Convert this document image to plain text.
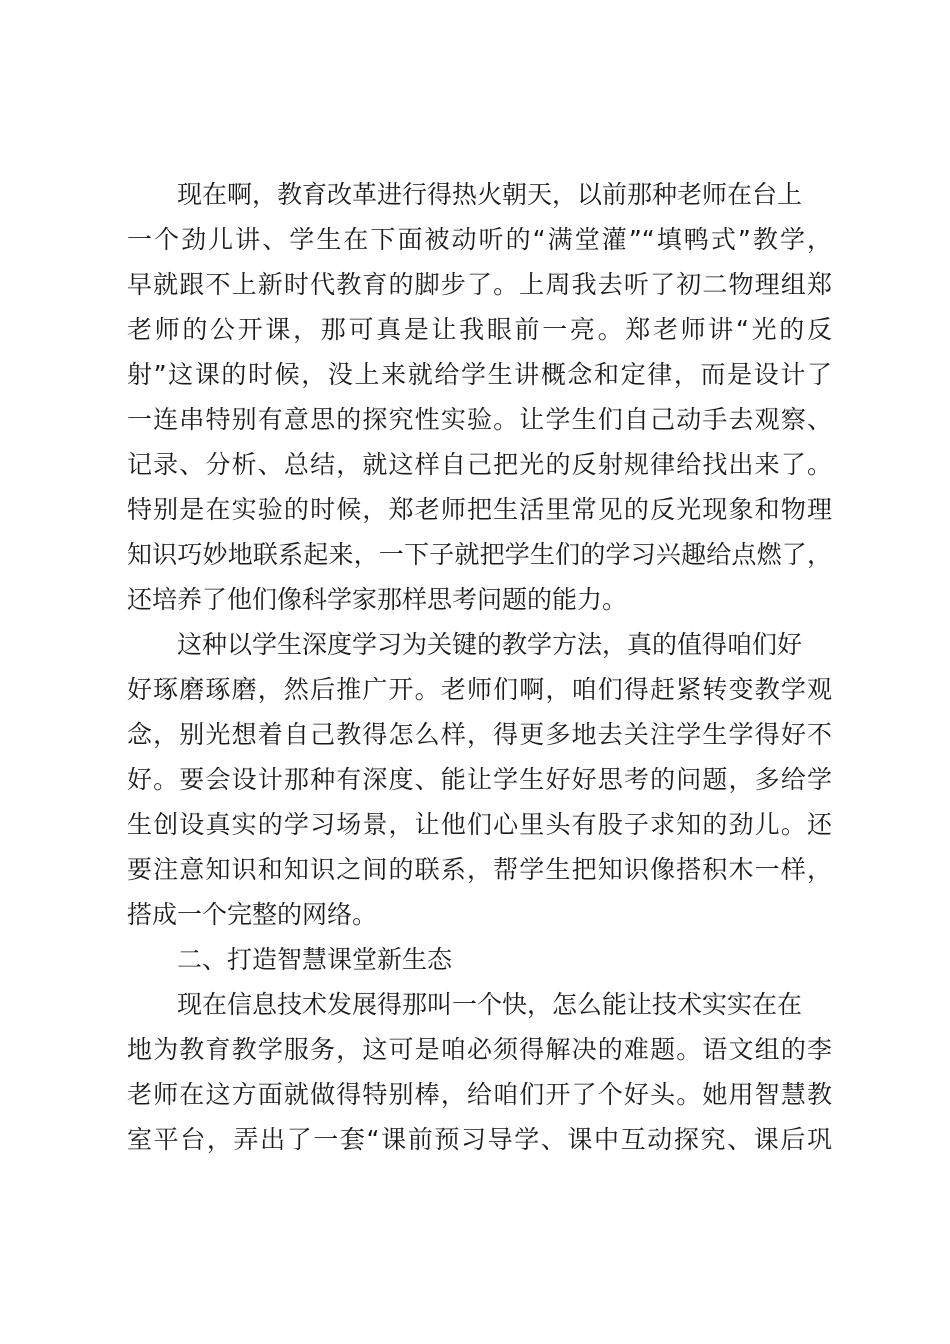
现在啊，教育改革进行得热火朝天，以前那种老师在台上
一个劲儿讲、学生在下面被动听的“满堂灌”“填鸭式”教学，
早就跟不上新时代教育的脚步了。上周我去听了初二物理组郑
老师的公开课，那可真是让我眼前一亮。郑老师讲“光的反
射”这课的时候，没上来就给学生讲概念和定律，而是设计了
一连串特别有意思的探究性实验。让学生们自己动手去观察、
记录、分析、总结，就这样自己把光的反射规律给找出来了。
特别是在实验的时候，郑老师把生活里常见的反光现象和物理
知识巧妙地联系起来，一下子就把学生们的学习兴趣给点燃了，
还培养了他们像科学家那样思考问题的能力。
这种以学生深度学习为关键的教学方法，真的值得咱们好
好琢磨琢磨，然后推广开。老师们啊，咱们得赶紧转变教学观
念，别光想着自己教得怎么样，得更多地去关注学生学得好不
好。要会设计那种有深度、能让学生好好思考的问题，多给学
生创设真实的学习场景，让他们心里头有股子求知的劲儿。还
要注意知识和知识之间的联系，帮学生把知识像搭积木一样，
搭成一个完整的网络。
二、打造智慧课堂新生态
现在信息技术发展得那叫一个快，怎么能让技术实实在在
地为教育教学服务，这可是咱必须得解决的难题。语文组的李
老师在这方面就做得特别棒，给咱们开了个好头。她用智慧教
室平台，弄出了一套“课前预习导学、课中互动探究、课后巩
